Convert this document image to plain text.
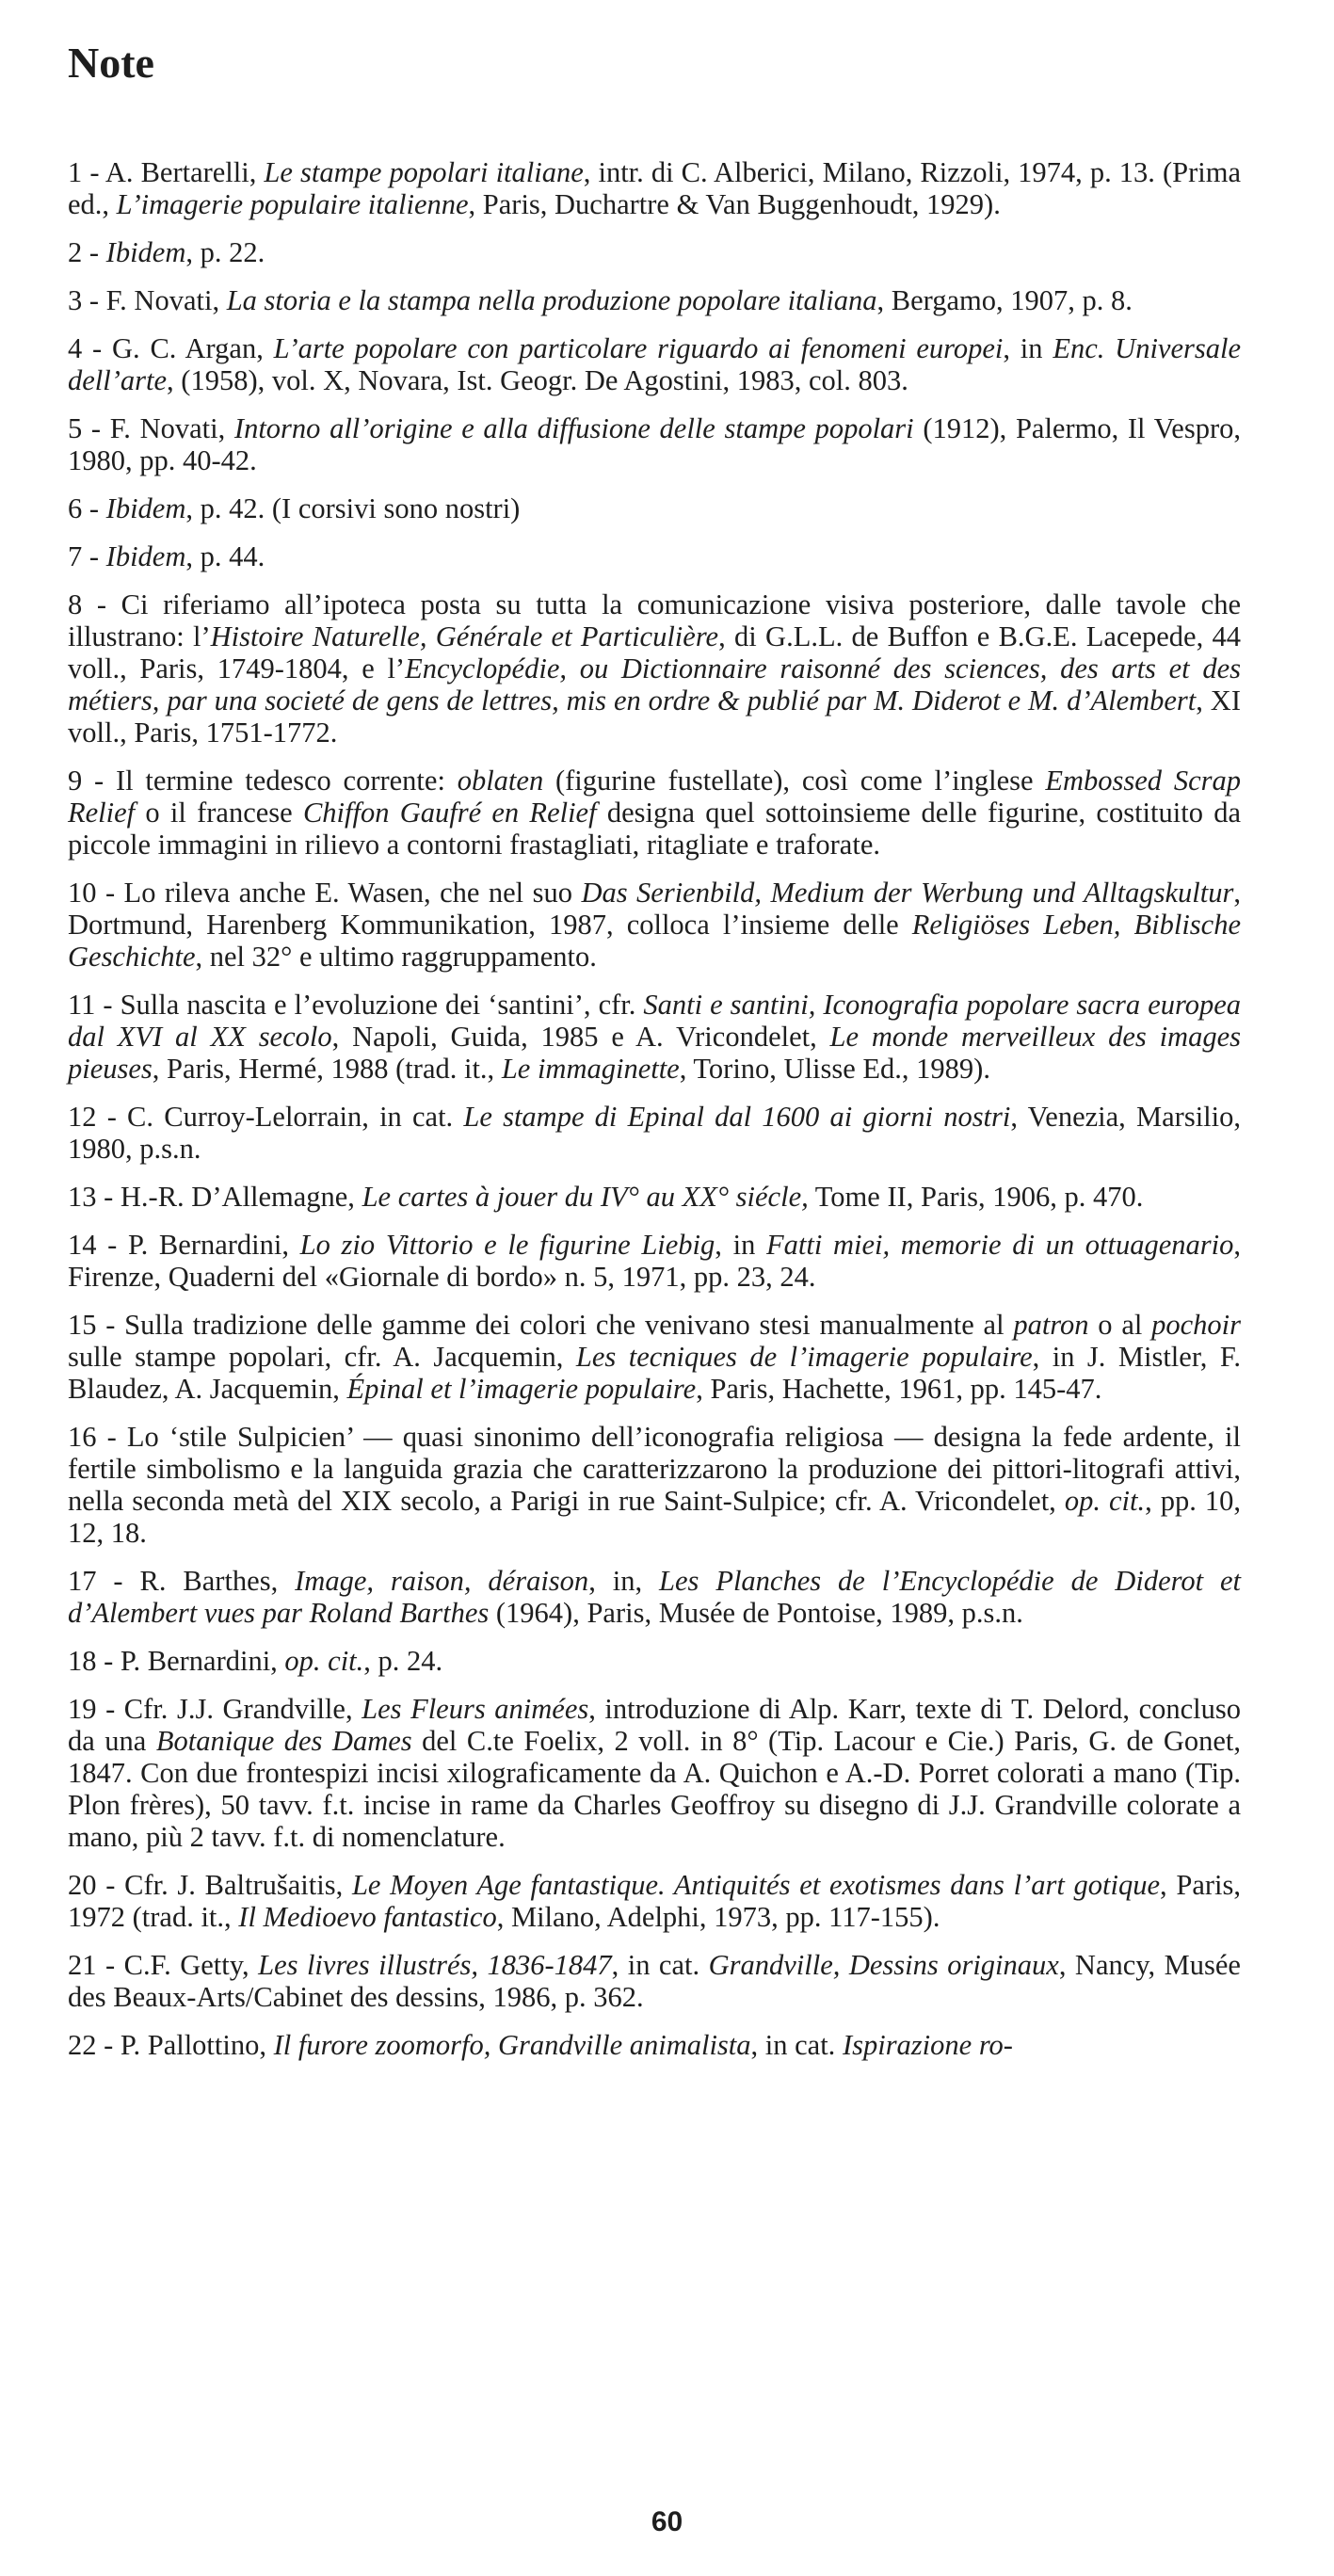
Note

1 - A. Bertarelli, Le stampe popolari italiane, intr. di C. Alberici, Milano, Rizzoli, 1974, p. 13. (Prima ed., L’imagerie populaire italienne, Paris, Duchartre & Van Buggenhoudt, 1929).

2 - Ibidem, p. 22.

3 - F. Novati, La storia e la stampa nella produzione popolare italiana, Bergamo, 1907, p. 8.

4 - G. C. Argan, L’arte popolare con particolare riguardo ai fenomeni europei, in Enc. Universale dell’arte, (1958), vol. X, Novara, Ist. Geogr. De Agostini, 1983, col. 803.

5 - F. Novati, Intorno all’origine e alla diffusione delle stampe popolari (1912), Palermo, Il Vespro, 1980, pp. 40-42.

6 - Ibidem, p. 42. (I corsivi sono nostri)

7 - Ibidem, p. 44.

8 - Ci riferiamo all’ipoteca posta su tutta la comunicazione visiva posteriore, dalle tavole che illustrano: l’Histoire Naturelle, Générale et Particulière, di G.L.L. de Buffon e B.G.E. Lacepede, 44 voll., Paris, 1749-1804, e l’Encyclopédie, ou Dictionnaire raisonné des sciences, des arts et des métiers, par una societé de gens de lettres, mis en ordre & publié par M. Diderot e M. d’Alembert, XI voll., Paris, 1751-1772.

9 - Il termine tedesco corrente: oblaten (figurine fustellate), così come l’inglese Embossed Scrap Relief o il francese Chiffon Gaufré en Relief designa quel sottoinsieme delle figurine, costituito da piccole immagini in rilievo a contorni frastagliati, ritagliate e traforate.

10 - Lo rileva anche E. Wasen, che nel suo Das Serienbild, Medium der Werbung und Alltagskultur, Dortmund, Harenberg Kommunikation, 1987, colloca l’insieme delle Religiöses Leben, Biblische Geschichte, nel 32° e ultimo raggruppamento.

11 - Sulla nascita e l’evoluzione dei ‘santini’, cfr. Santi e santini, Iconografia popolare sacra europea dal XVI al XX secolo, Napoli, Guida, 1985 e A. Vricondelet, Le monde merveilleux des images pieuses, Paris, Hermé, 1988 (trad. it., Le immaginette, Torino, Ulisse Ed., 1989).

12 - C. Curroy-Lelorrain, in cat. Le stampe di Epinal dal 1600 ai giorni nostri, Venezia, Marsilio, 1980, p.s.n.

13 - H.-R. D’Allemagne, Le cartes à jouer du IV° au XX° siécle, Tome II, Paris, 1906, p. 470.

14 - P. Bernardini, Lo zio Vittorio e le figurine Liebig, in Fatti miei, memorie di un ottuagenario, Firenze, Quaderni del «Giornale di bordo» n. 5, 1971, pp. 23, 24.

15 - Sulla tradizione delle gamme dei colori che venivano stesi manualmente al patron o al pochoir sulle stampe popolari, cfr. A. Jacquemin, Les tecniques de l’imagerie populaire, in J. Mistler, F. Blaudez, A. Jacquemin, Épinal et l’imagerie populaire, Paris, Hachette, 1961, pp. 145-47.

16 - Lo ‘stile Sulpicien’ — quasi sinonimo dell’iconografia religiosa — designa la fede ardente, il fertile simbolismo e la languida grazia che caratterizzarono la produzione dei pittori-litografi attivi, nella seconda metà del XIX secolo, a Parigi in rue Saint-Sulpice; cfr. A. Vricondelet, op. cit., pp. 10, 12, 18.

17 - R. Barthes, Image, raison, déraison, in, Les Planches de l’Encyclopédie de Diderot et d’Alembert vues par Roland Barthes (1964), Paris, Musée de Pontoise, 1989, p.s.n.

18 - P. Bernardini, op. cit., p. 24.

19 - Cfr. J.J. Grandville, Les Fleurs animées, introduzione di Alp. Karr, texte di T. Delord, concluso da una Botanique des Dames del C.te Foelix, 2 voll. in 8° (Tip. Lacour e Cie.) Paris, G. de Gonet, 1847. Con due frontespizi incisi xilograficamente da A. Quichon e A.-D. Porret colorati a mano (Tip. Plon frères), 50 tavv. f.t. incise in rame da Charles Geoffroy su disegno di J.J. Grandville colorate a mano, più 2 tavv. f.t. di nomenclature.

20 - Cfr. J. Baltrušaitis, Le Moyen Age fantastique. Antiquités et exotismes dans l’art gotique, Paris, 1972 (trad. it., Il Medioevo fantastico, Milano, Adelphi, 1973, pp. 117-155).

21 - C.F. Getty, Les livres illustrés, 1836-1847, in cat. Grandville, Dessins originaux, Nancy, Musée des Beaux-Arts/Cabinet des dessins, 1986, p. 362.

22 - P. Pallottino, Il furore zoomorfo, Grandville animalista, in cat. Ispirazione ro-

60
